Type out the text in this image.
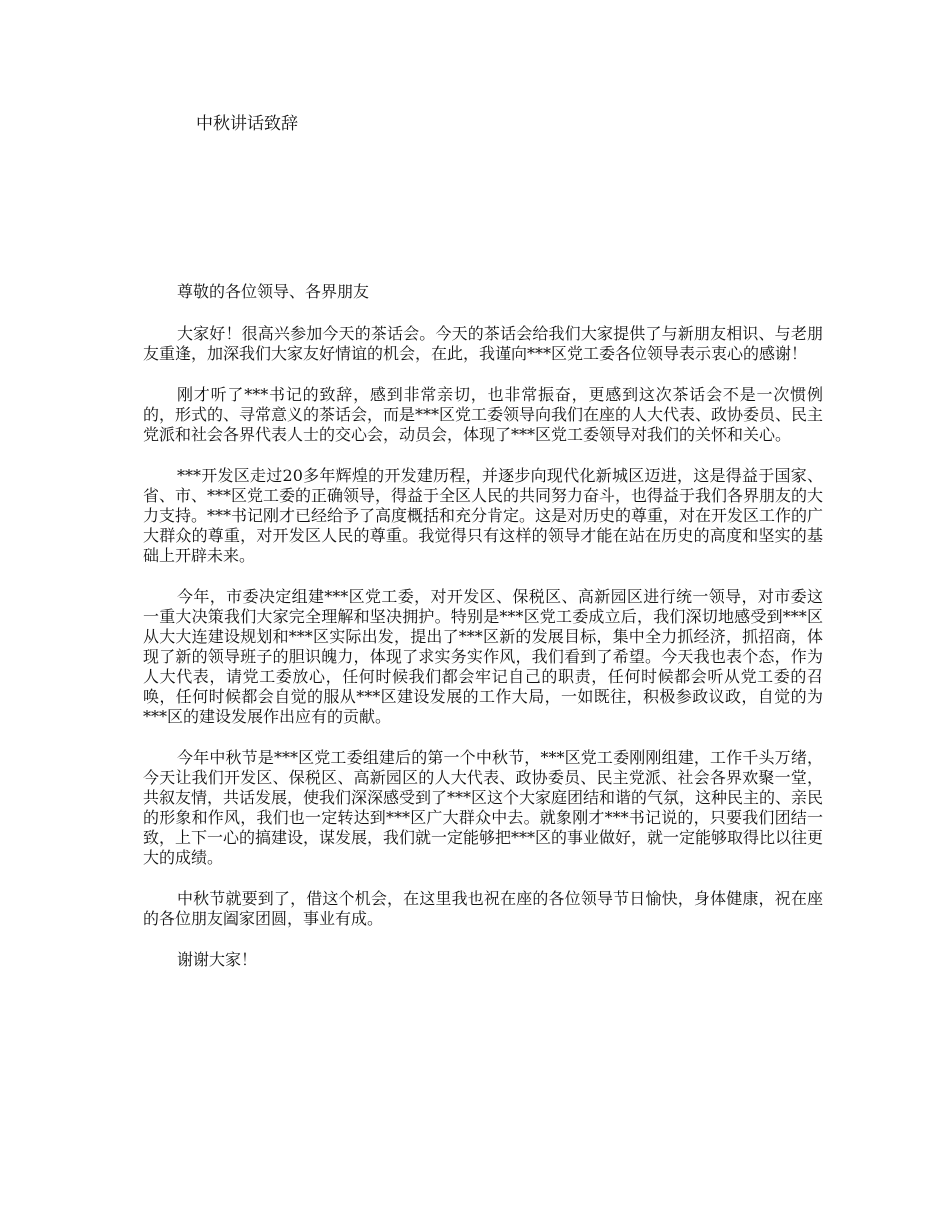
中秋讲话致辞

尊敬的各位领导、各界朋友

大家好！很高兴参加今天的茶话会。今天的茶话会给我们大家提供了与新朋友相识、与老朋友重逢，加深我们大家友好情谊的机会，在此，我谨向***区党工委各位领导表示衷心的感谢！

刚才听了***书记的致辞，感到非常亲切，也非常振奋，更感到这次茶话会不是一次惯例的，形式的、寻常意义的茶话会，而是***区党工委领导向我们在座的人大代表、政协委员、民主党派和社会各界代表人士的交心会，动员会，体现了***区党工委领导对我们的关怀和关心。

***开发区走过20多年辉煌的开发建历程，并逐步向现代化新城区迈进，这是得益于国家、省、市、***区党工委的正确领导，得益于全区人民的共同努力奋斗，也得益于我们各界朋友的大力支持。***书记刚才已经给予了高度概括和充分肯定。这是对历史的尊重，对在开发区工作的广大群众的尊重，对开发区人民的尊重。我觉得只有这样的领导才能在站在历史的高度和坚实的基础上开辟未来。

今年，市委决定组建***区党工委，对开发区、保税区、高新园区进行统一领导，对市委这一重大决策我们大家完全理解和坚决拥护。特别是***区党工委成立后，我们深切地感受到***区从大大连建设规划和***区实际出发，提出了***区新的发展目标，集中全力抓经济，抓招商，体现了新的领导班子的胆识魄力，体现了求实务实作风，我们看到了希望。今天我也表个态，作为人大代表，请党工委放心，任何时候我们都会牢记自己的职责，任何时候都会听从党工委的召唤，任何时候都会自觉的服从***区建设发展的工作大局，一如既往，积极参政议政，自觉的为***区的建设发展作出应有的贡献。

今年中秋节是***区党工委组建后的第一个中秋节，***区党工委刚刚组建，工作千头万绪，今天让我们开发区、保税区、高新园区的人大代表、政协委员、民主党派、社会各界欢聚一堂，共叙友情，共话发展，使我们深深感受到了***区这个大家庭团结和谐的气氛，这种民主的、亲民的形象和作风，我们也一定转达到***区广大群众中去。就象刚才***书记说的，只要我们团结一致，上下一心的搞建设，谋发展，我们就一定能够把***区的事业做好，就一定能够取得比以往更大的成绩。

中秋节就要到了，借这个机会，在这里我也祝在座的各位领导节日愉快，身体健康，祝在座的各位朋友阖家团圆，事业有成。

谢谢大家！
